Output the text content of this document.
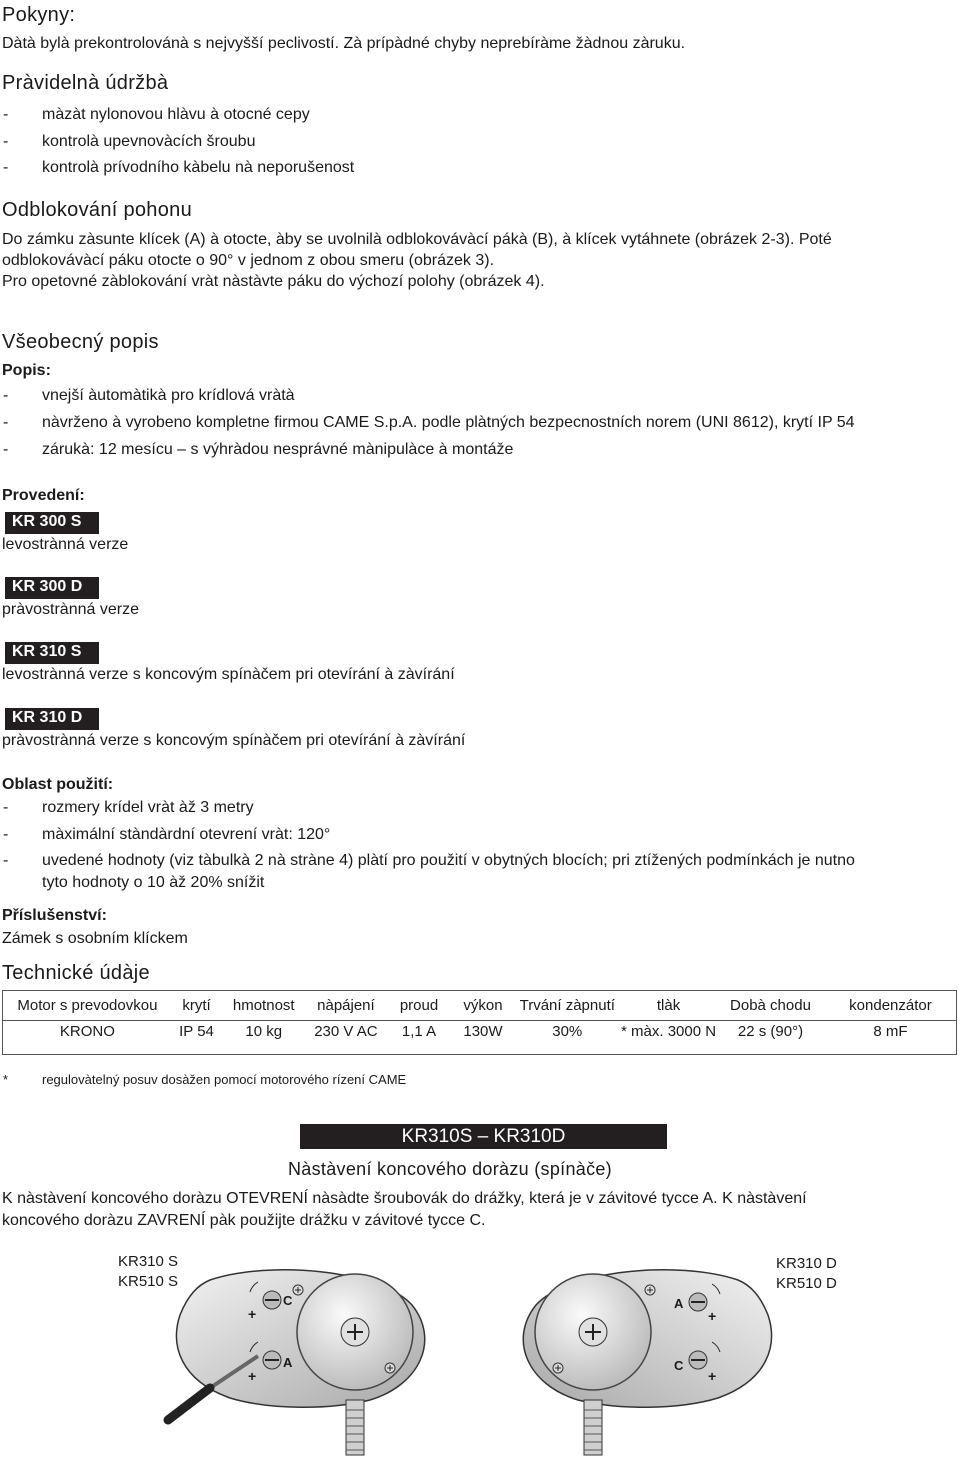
Pokyny:
Dàtà bylà prekontrolovánà s nejvyšší peclivostí. Zà prípàdné chyby neprebíràme žàdnou zàruku.
Pràvidelnà údržbà
- màzàt nylonovou hlàvu à otocné cepy
- kontrolà upevnovàcích šroubu
- kontrolà prívodního kàbelu nà neporušenost
Odblokování pohonu
Do zámku zàsunte klícek (A) à otocte, àby se uvolnilà odblokovávàcí pákà (B), à klícek vytáhnete (obrázek 2-3). Poté
odblokovávàcí páku otocte o 90° v jednom z obou smeru (obrázek 3).
Pro opetovné zàblokování vràt nàstàvte páku do výchozí polohy (obrázek 4).
Všeobecný popis
Popis:
- vnejší àutomàtikà pro krídlová vràtà
- nàvrženo à vyrobeno kompletne firmou CAME S.p.A. podle plàtných bezpecnostních norem (UNI 8612), krytí IP 54
- zárukà: 12 mesícu – s výhràdou nesprávné mànipulàce à montáže
Provedení:
KR 300 S
levostrànná verze
KR 300 D
pràvostrànná verze
KR 310 S
levostrànná verze s koncovým spínàčem pri otevírání à zàvírání
KR 310 D
pràvostrànná verze s koncovým spínàčem pri otevírání à zàvírání
Oblast použití:
- rozmery krídel vràt àž 3 metry
- màximální stàndàrdní otevrení vràt: 120°
- uvedené hodnoty (viz tàbulkà 2 nà stràne 4) plàtí pro použití v obytných blocích; pri ztížených podmínkách je nutno
tyto hodnoty o 10 àž 20% snížit
Příslušenství:
Zámek s osobním klíckem
Technické údàje
Motor s prevodovkou	krytí	hmotnost	nàpájení	proud	výkon	Trvání zàpnutí	tlàk	Dobà chodu	kondenzátor
KRONO	IP 54	10 kg	230 V AC	1,1 A	130W	30%	* màx. 3000 N	22 s (90°)	8 mF
*	regulovàtelný posuv dosàžen pomocí motorového rízení CAME
KR310S – KR310D
Nàstàvení koncového doràzu (spínàče)
K nàstàvení koncového doràzu OTEVRENÍ nàsàdte šroubovák do drážky, která je v závitové tycce A. K nàstàvení
koncového doràzu ZAVRENÍ pàk použijte drážku v závitové tycce C.
KR310 S
KR510 S
KR310 D
KR510 D
C
+
A
+
A
+
C
+
